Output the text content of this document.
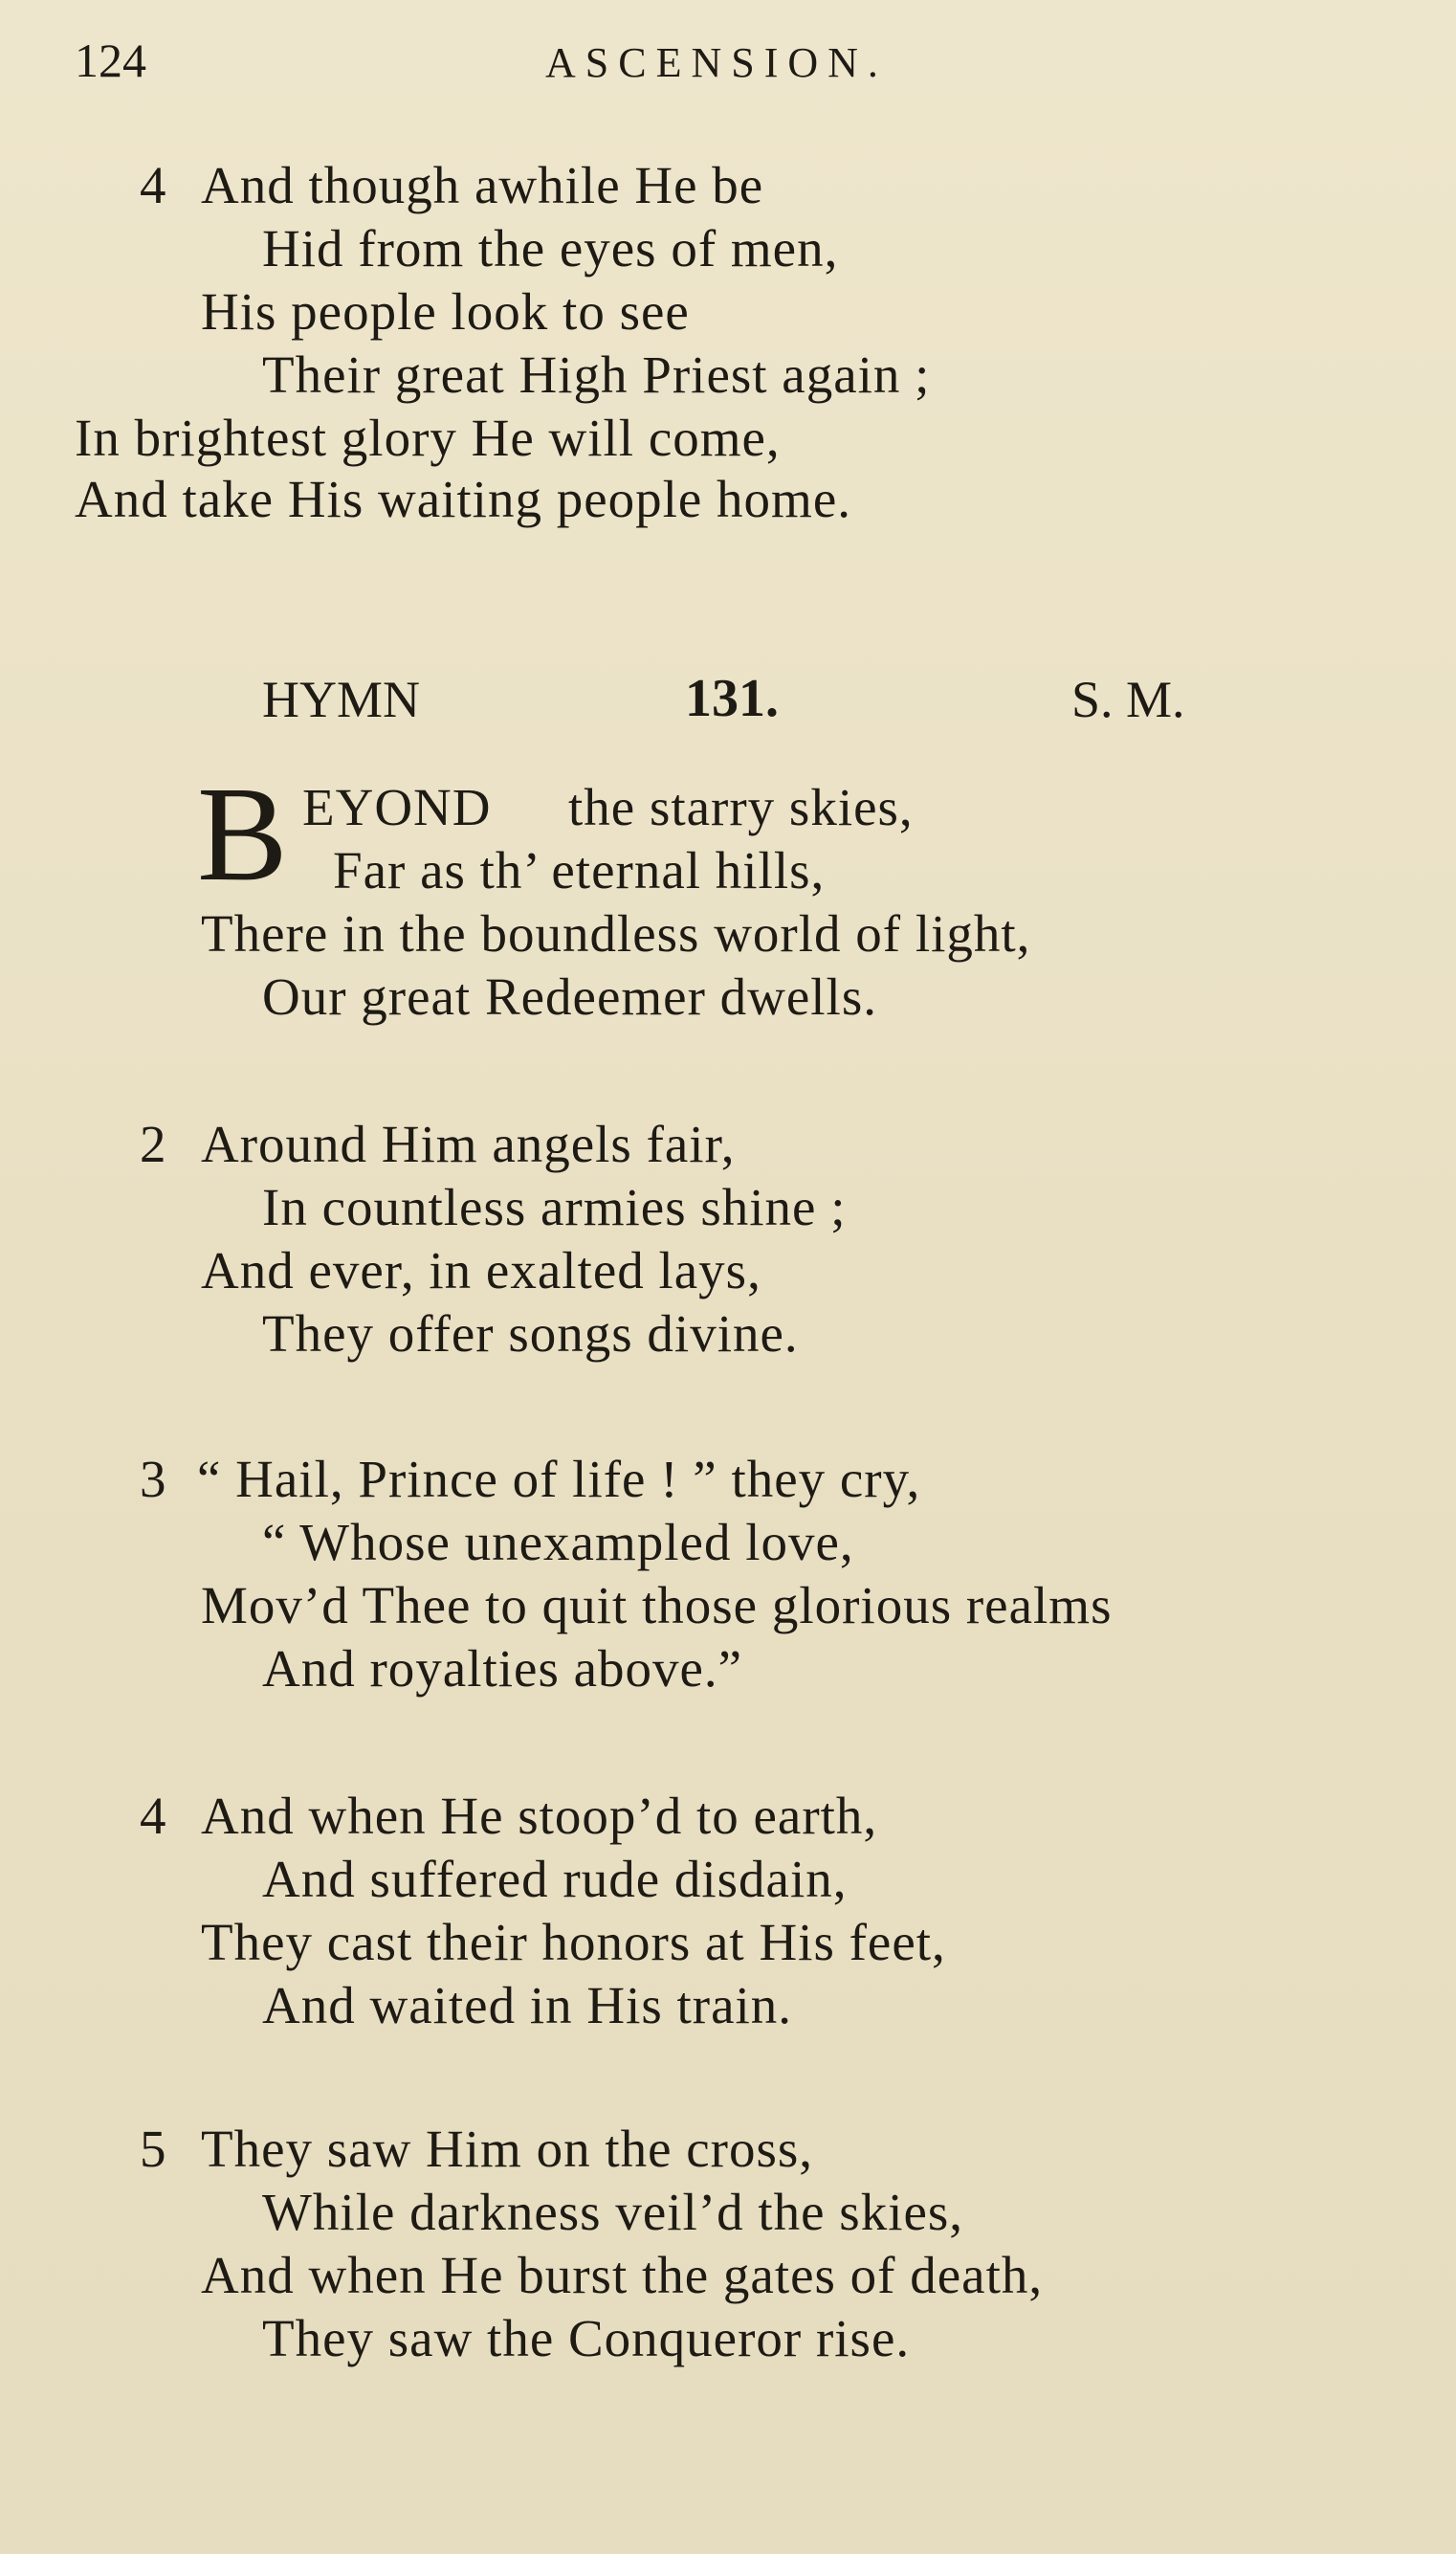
124	ASCENSION.
4 And though awhile He be
Hid from the eyes of men,
His people look to see
Their great High Priest again ;
In brightest glory He will come,
And take His waiting people home.
HYMN	131.	S. M.
B EYOND the starry skies,
Far as th’ eternal hills,
There in the boundless world of light,
Our great Redeemer dwells.
2 Around Him angels fair,
In countless armies shine ;
And ever, in exalted lays,
They offer songs divine.
3 “ Hail, Prince of life ! ” they cry,
“ Whose unexampled love,
Mov’d Thee to quit those glorious realms
And royalties above.”
4 And when He stoop’d to earth,
And suffered rude disdain,
They cast their honors at His feet,
And waited in His train.
5 They saw Him on the cross,
While darkness veil’d the skies,
And when He burst the gates of death,
They saw the Conqueror rise.
